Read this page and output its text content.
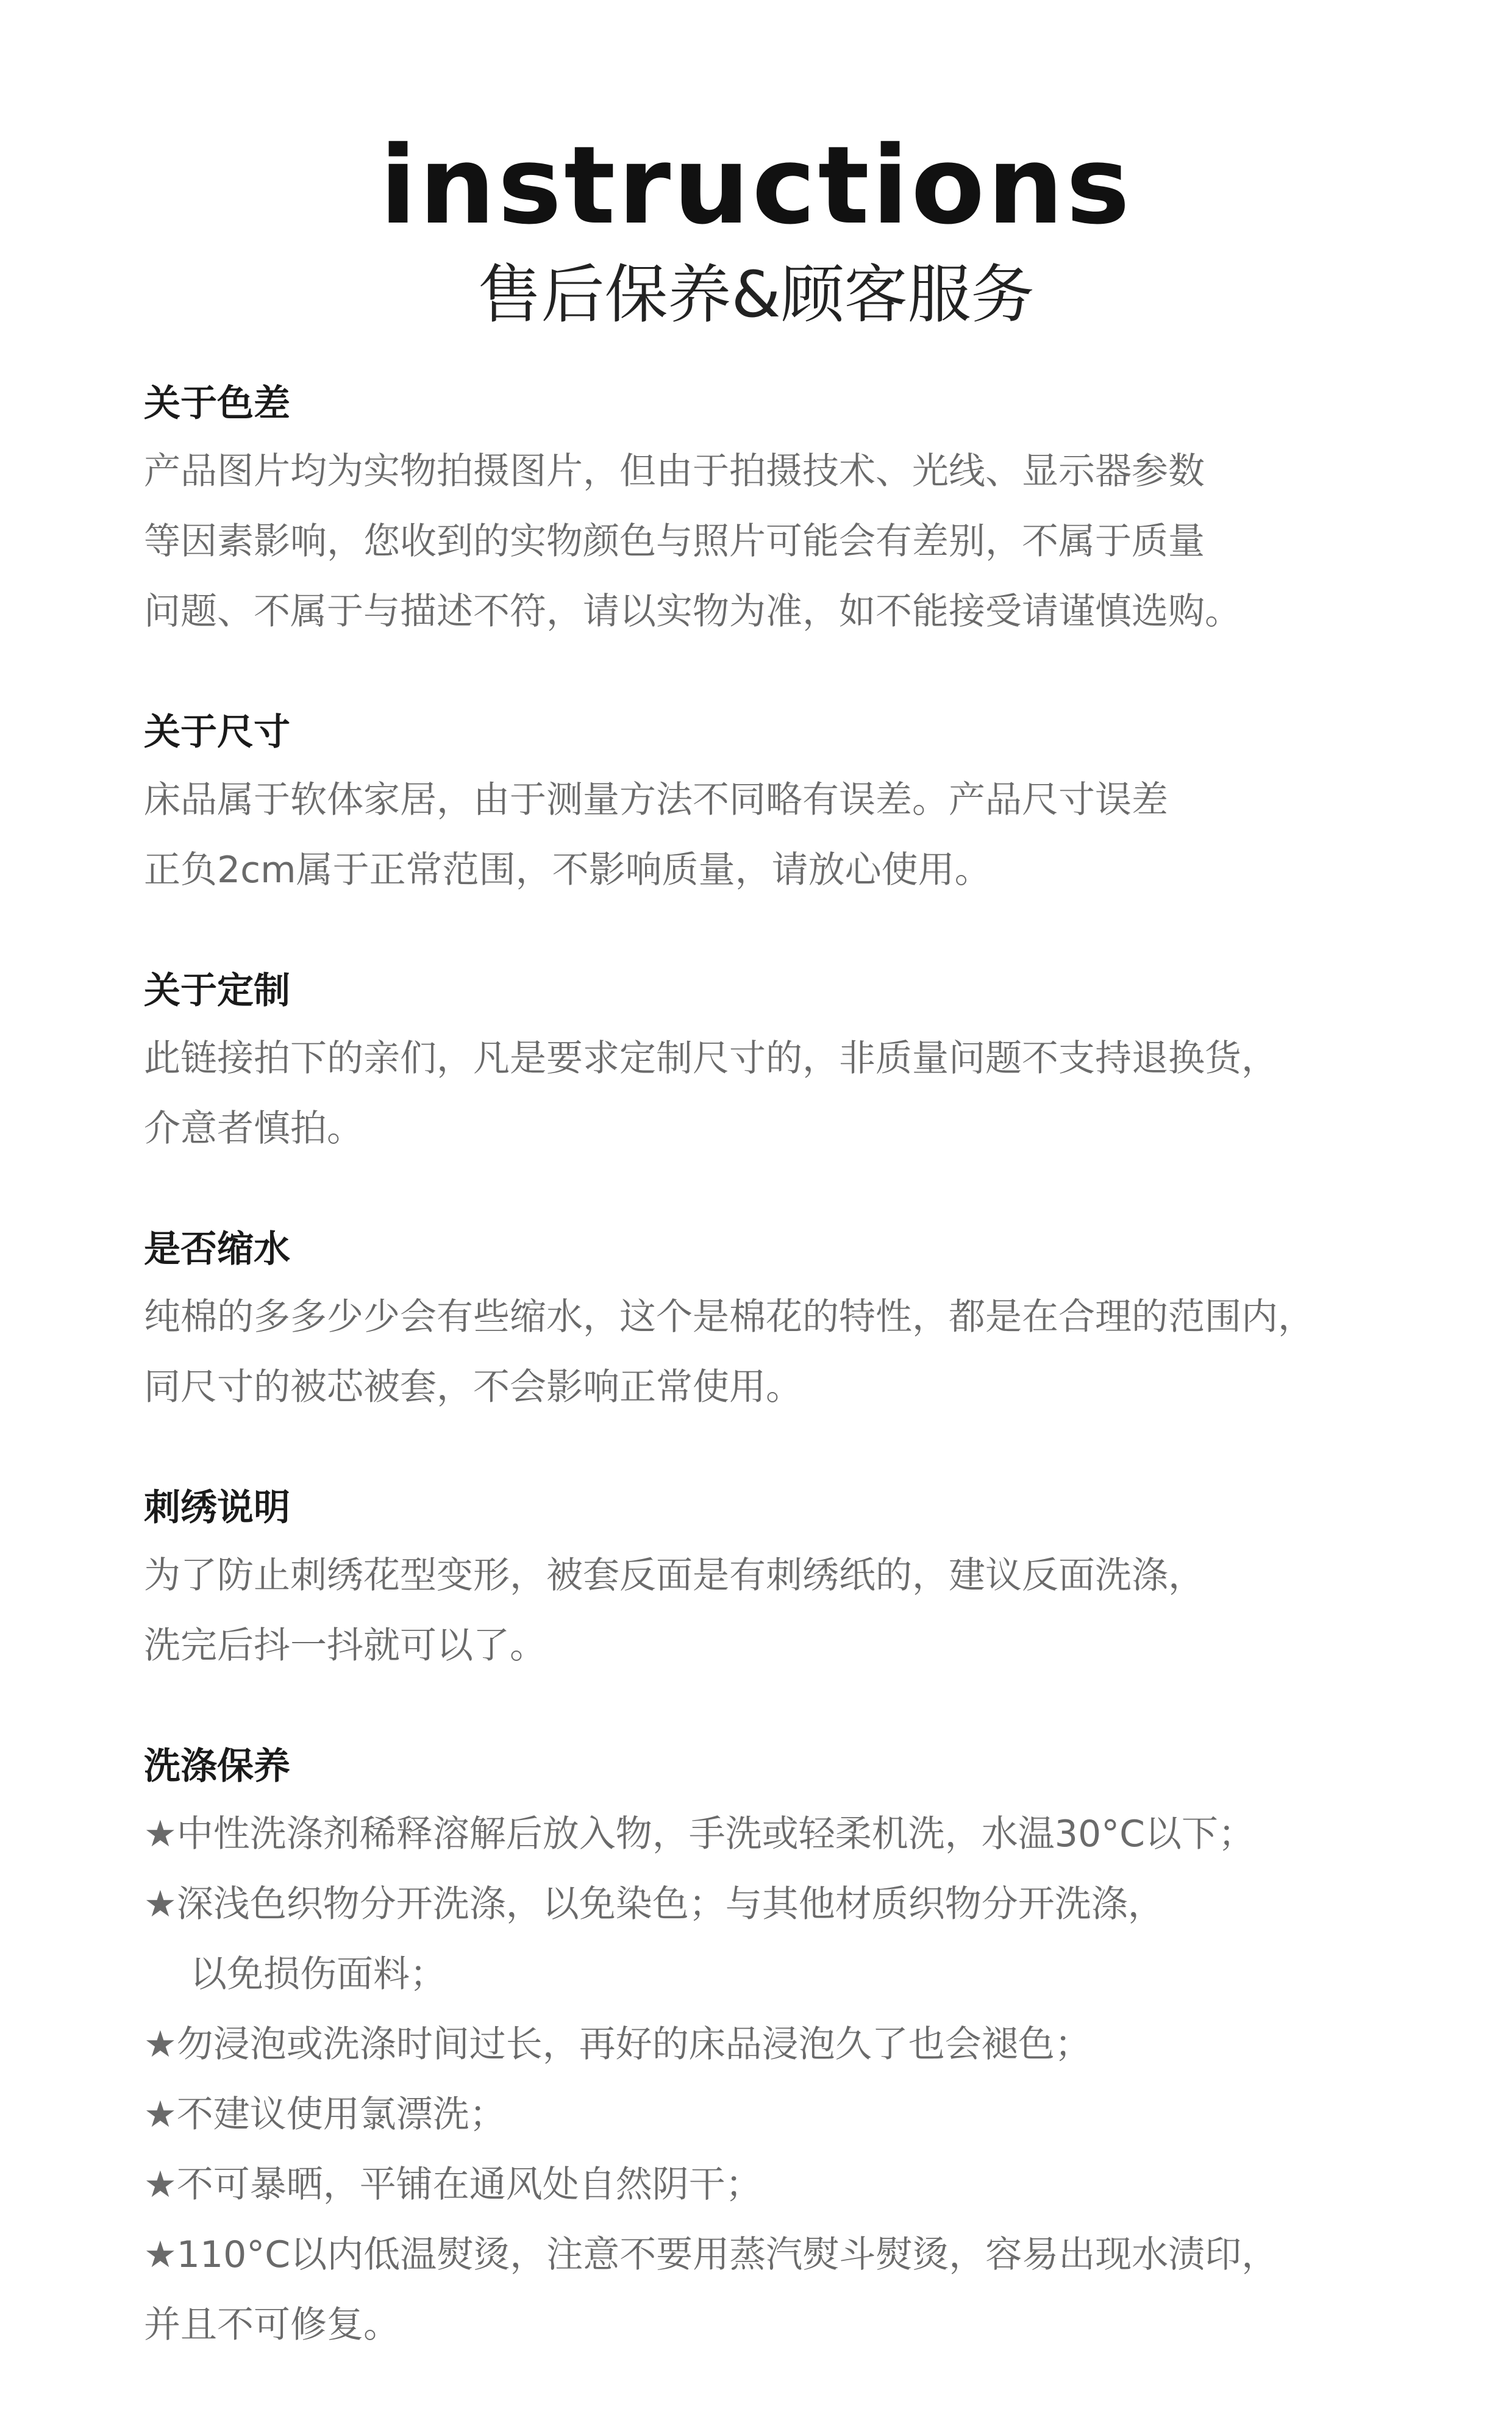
instructions
售后保养&顾客服务
关于色差
产品图片均为实物拍摄图片，但由于拍摄技术、光线、显示器参数
等因素影响，您收到的实物颜色与照片可能会有差别，不属于质量
问题、不属于与描述不符，请以实物为准，如不能接受请谨慎选购。
关于尺寸
床品属于软体家居，由于测量方法不同略有误差。产品尺寸误差
正负2cm属于正常范围，不影响质量，请放心使用。
关于定制
此链接拍下的亲们，凡是要求定制尺寸的，非质量问题不支持退换货，
介意者慎拍。
是否缩水
纯棉的多多少少会有些缩水，这个是棉花的特性，都是在合理的范围内，
同尺寸的被芯被套，不会影响正常使用。
刺绣说明
为了防止刺绣花型变形，被套反面是有刺绣纸的，建议反面洗涤，
洗完后抖一抖就可以了。
洗涤保养
★中性洗涤剂稀释溶解后放入物，手洗或轻柔机洗，水温30°C以下；
★深浅色织物分开洗涤，以免染色；与其他材质织物分开洗涤，
以免损伤面料；
★勿浸泡或洗涤时间过长，再好的床品浸泡久了也会褪色；
★不建议使用氯漂洗；
★不可暴晒，平铺在通风处自然阴干；
★110°C以内低温熨烫，注意不要用蒸汽熨斗熨烫，容易出现水渍印，
并且不可修复。
